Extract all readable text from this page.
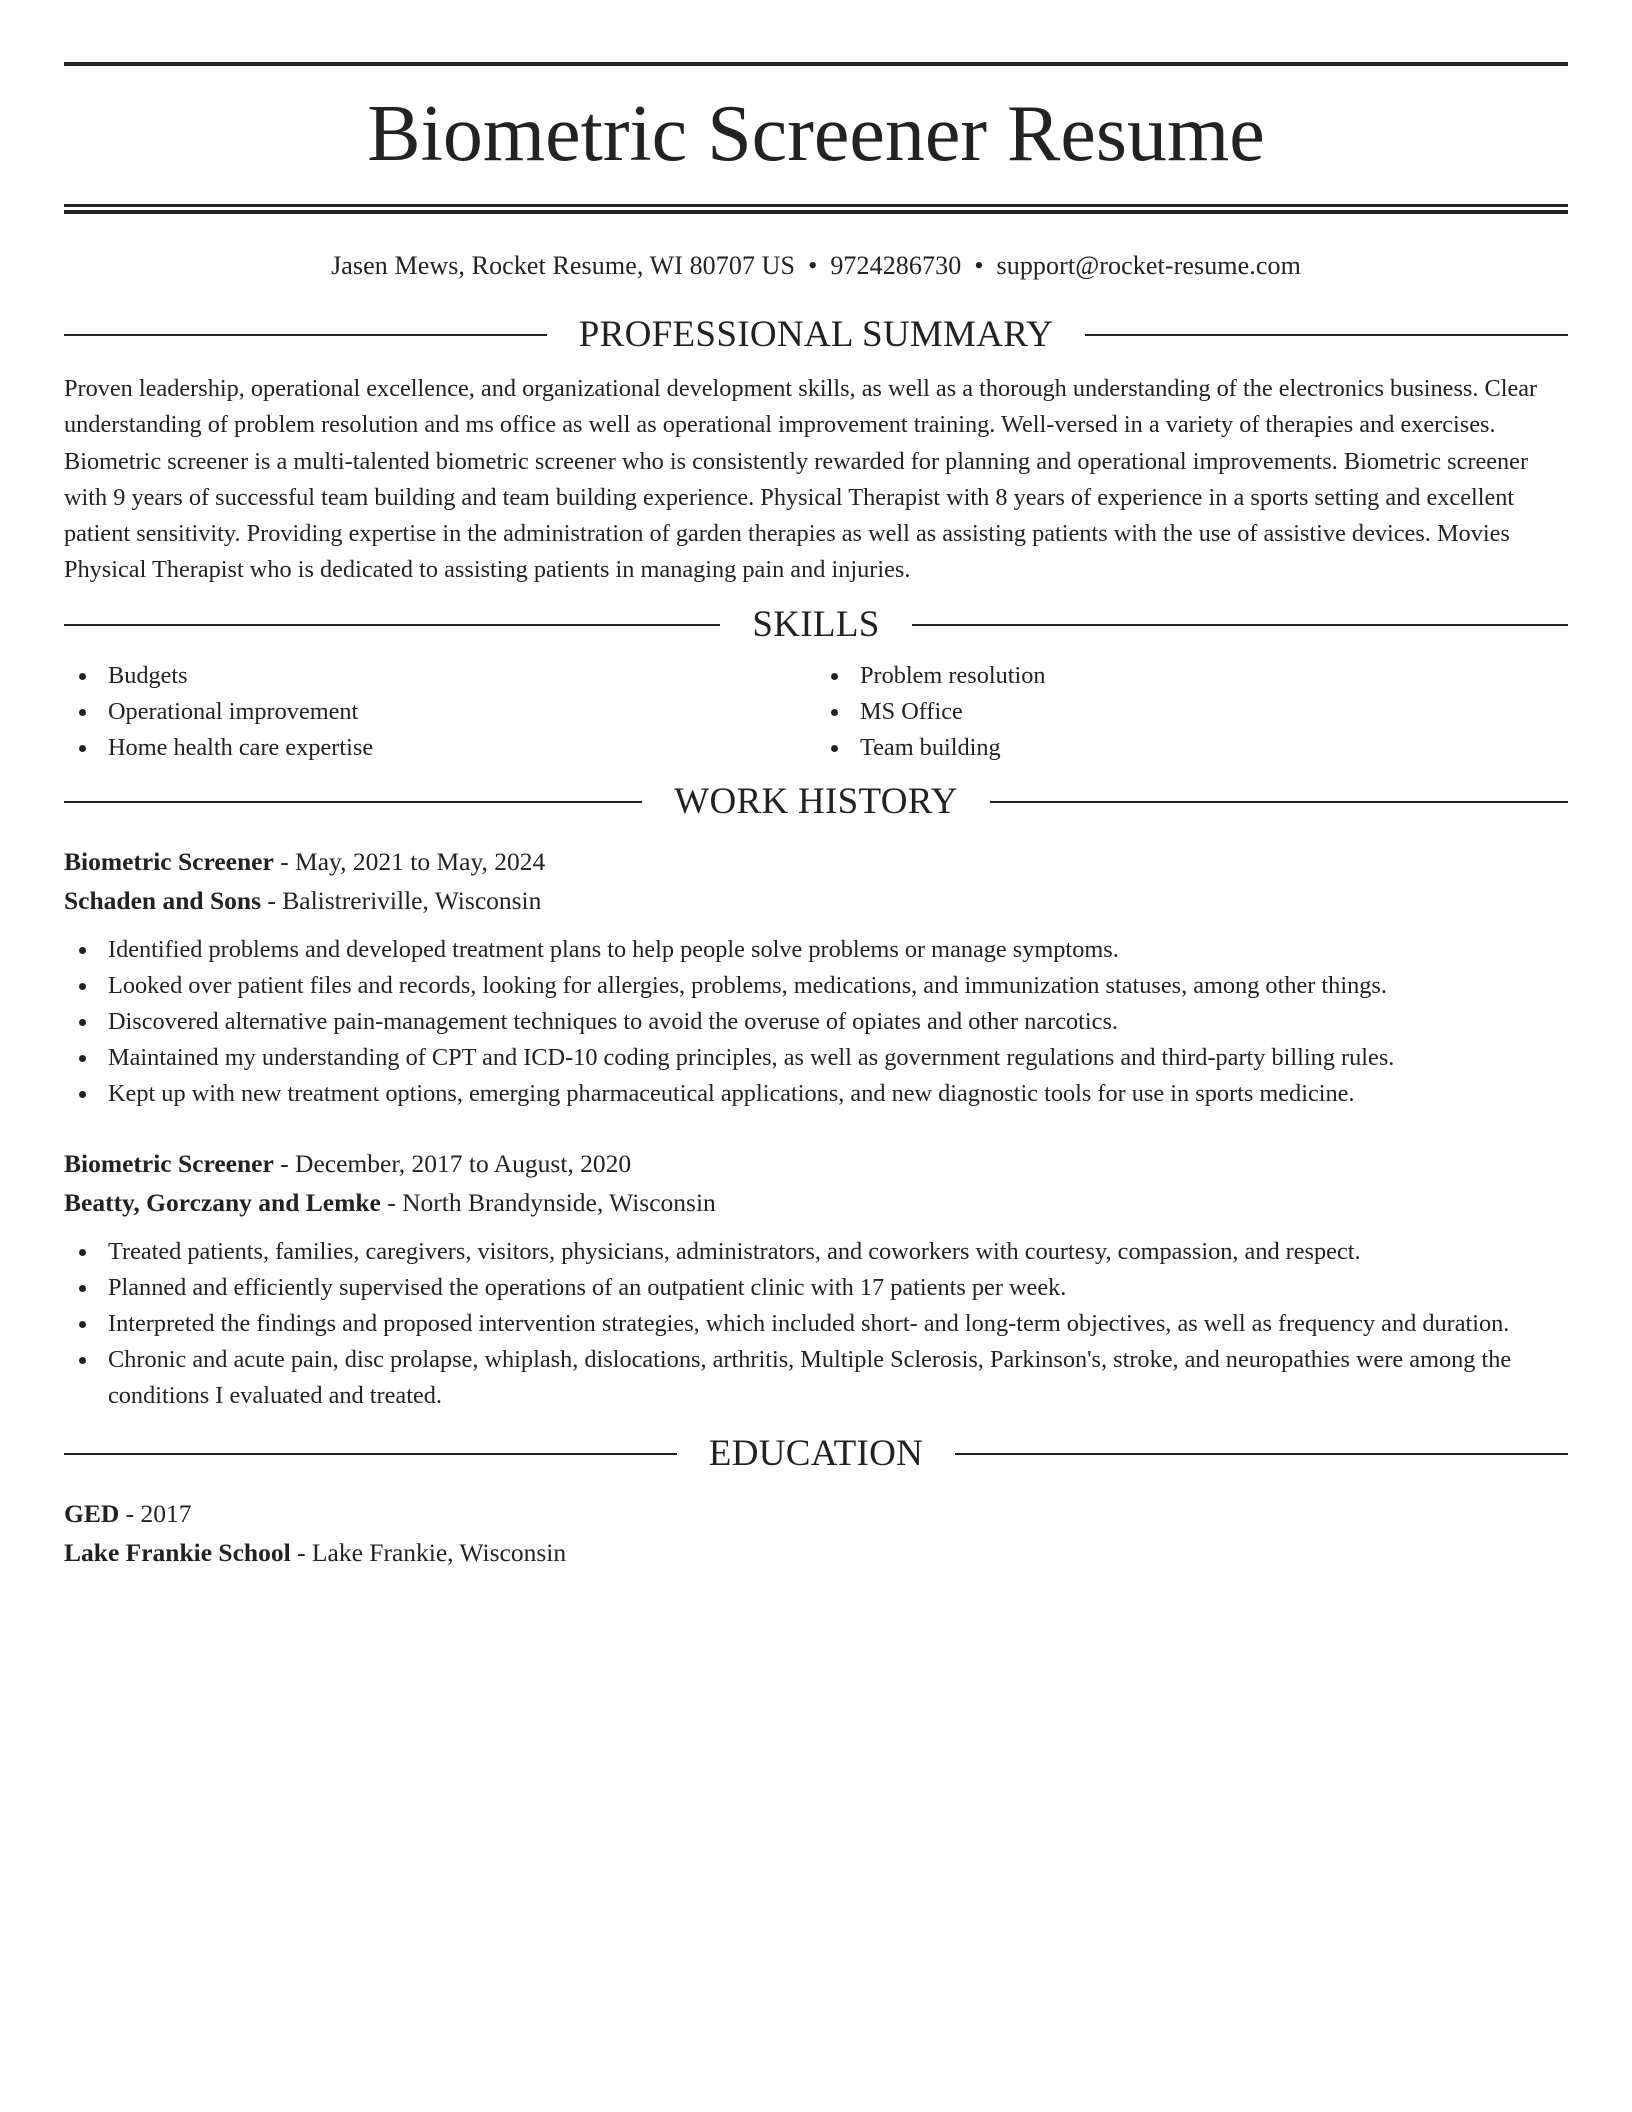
Biometric Screener Resume
Jasen Mews, Rocket Resume, WI 80707 US • 9724286730 • support@rocket-resume.com
PROFESSIONAL SUMMARY

Proven leadership, operational excellence, and organizational development skills, as well as a thorough understanding of the electronics business. Clear understanding of problem resolution and ms office as well as operational improvement training. Well-versed in a variety of therapies and exercises. Biometric screener is a multi-talented biometric screener who is consistently rewarded for planning and operational improvements. Biometric screener with 9 years of successful team building and team building experience. Physical Therapist with 8 years of experience in a sports setting and excellent patient sensitivity. Providing expertise in the administration of garden therapies as well as assisting patients with the use of assistive devices. Movies Physical Therapist who is dedicated to assisting patients in managing pain and injuries.

SKILLS
Budgets
Operational improvement
Home health care expertise
Problem resolution
MS Office
Team building
WORK HISTORY
Biometric Screener - May, 2021 to May, 2024
Schaden and Sons - Balistreriville, Wisconsin
Identified problems and developed treatment plans to help people solve problems or manage symptoms.
Looked over patient files and records, looking for allergies, problems, medications, and immunization statuses, among other things.
Discovered alternative pain-management techniques to avoid the overuse of opiates and other narcotics.
Maintained my understanding of CPT and ICD-10 coding principles, as well as government regulations and third-party billing rules.
Kept up with new treatment options, emerging pharmaceutical applications, and new diagnostic tools for use in sports medicine.
Biometric Screener - December, 2017 to August, 2020
Beatty, Gorczany and Lemke - North Brandynside, Wisconsin
Treated patients, families, caregivers, visitors, physicians, administrators, and coworkers with courtesy, compassion, and respect.
Planned and efficiently supervised the operations of an outpatient clinic with 17 patients per week.
Interpreted the findings and proposed intervention strategies, which included short- and long-term objectives, as well as frequency and duration.
Chronic and acute pain, disc prolapse, whiplash, dislocations, arthritis, Multiple Sclerosis, Parkinson's, stroke, and neuropathies were among the conditions I evaluated and treated.
EDUCATION
GED - 2017
Lake Frankie School - Lake Frankie, Wisconsin
